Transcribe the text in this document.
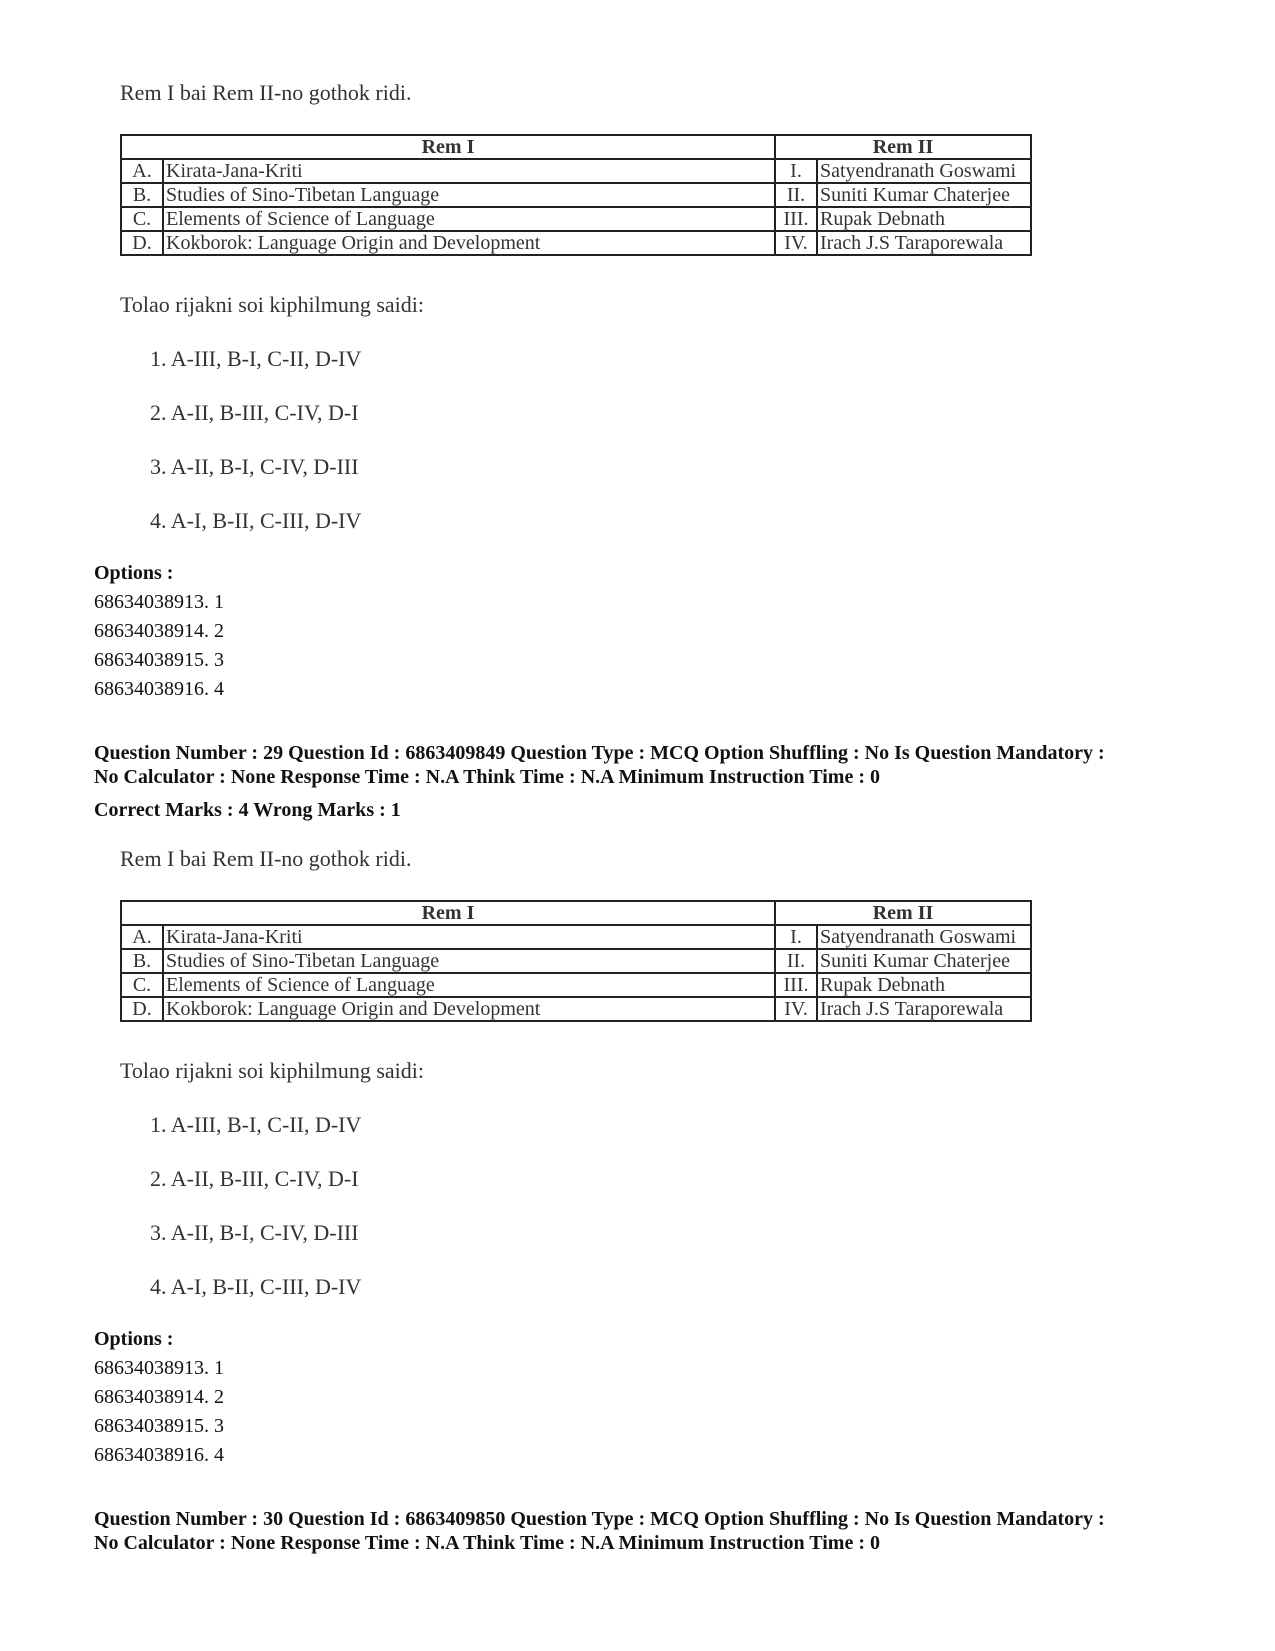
Rem I bai Rem II-no gothok ridi.
Rem I		Rem II	
A.	Kirata-Jana-Kriti	I.	Satyendranath Goswami
B.	Studies of Sino-Tibetan Language	II.	Suniti Kumar Chaterjee
C.	Elements of Science of Language	III.	Rupak Debnath
D.	Kokborok: Language Origin and Development	IV.	Irach J.S Taraporewala
Tolao rijakni soi kiphilmung saidi:
1. A-III, B-I, C-II, D-IV
2. A-II, B-III, C-IV, D-I
3. A-II, B-I, C-IV, D-III
4. A-I, B-II, C-III, D-IV
Options :
68634038913. 1
68634038914. 2
68634038915. 3
68634038916. 4
Question Number : 29 Question Id : 6863409849 Question Type : MCQ Option Shuffling : No Is Question Mandatory :
No Calculator : None Response Time : N.A Think Time : N.A Minimum Instruction Time : 0
Correct Marks : 4 Wrong Marks : 1
Rem I bai Rem II-no gothok ridi.
Rem I		Rem II	
A.	Kirata-Jana-Kriti	I.	Satyendranath Goswami
B.	Studies of Sino-Tibetan Language	II.	Suniti Kumar Chaterjee
C.	Elements of Science of Language	III.	Rupak Debnath
D.	Kokborok: Language Origin and Development	IV.	Irach J.S Taraporewala
Tolao rijakni soi kiphilmung saidi:
1. A-III, B-I, C-II, D-IV
2. A-II, B-III, C-IV, D-I
3. A-II, B-I, C-IV, D-III
4. A-I, B-II, C-III, D-IV
Options :
68634038913. 1
68634038914. 2
68634038915. 3
68634038916. 4
Question Number : 30 Question Id : 6863409850 Question Type : MCQ Option Shuffling : No Is Question Mandatory :
No Calculator : None Response Time : N.A Think Time : N.A Minimum Instruction Time : 0
